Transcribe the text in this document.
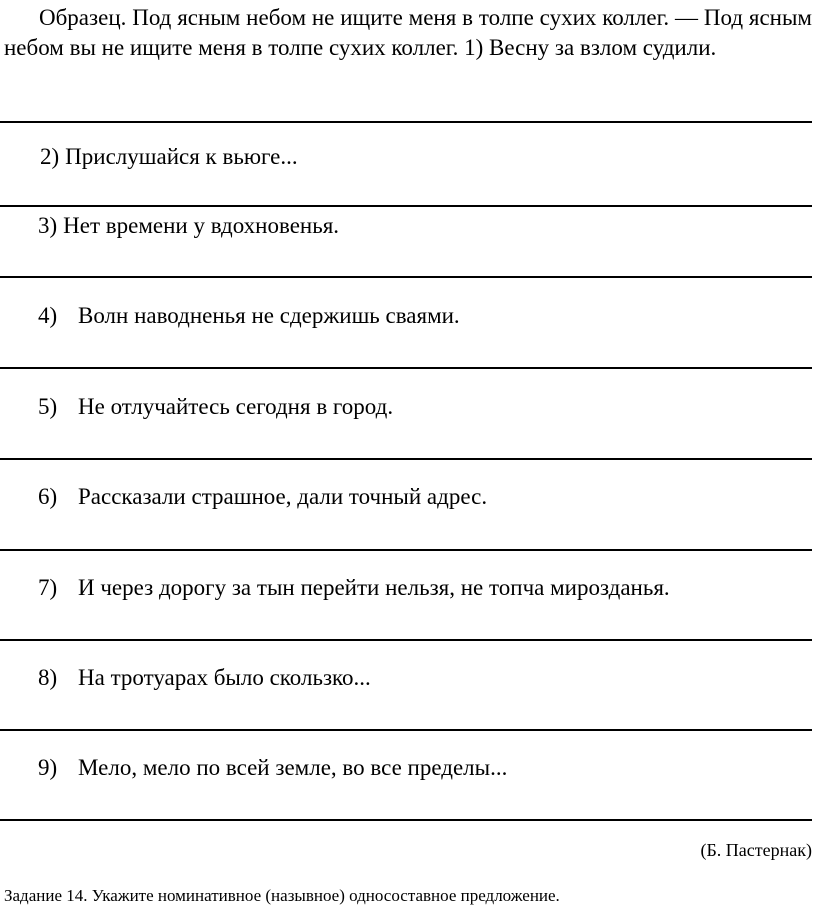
Образец. Под ясным небом не ищите меня в толпе сухих коллег. — Под ясным небом вы не ищите меня в толпе сухих коллег. 1) Весну за взлом судили.

2) Прислушайся к вьюге...
3) Нет времени у вдохновенья.
4) Волн наводненья не сдержишь сваями.
5) Не отлучайтесь сегодня в город.
6) Рассказали страшное, дали точный адрес.
7) И через дорогу за тын перейти нельзя, не топча мирозданья.
8) На тротуарах было скользко...
9) Мело, мело по всей земле, во все пределы...
(Б. Пастернак)
Задание 14. Укажите номинативное (назывное) односоставное предложение.
